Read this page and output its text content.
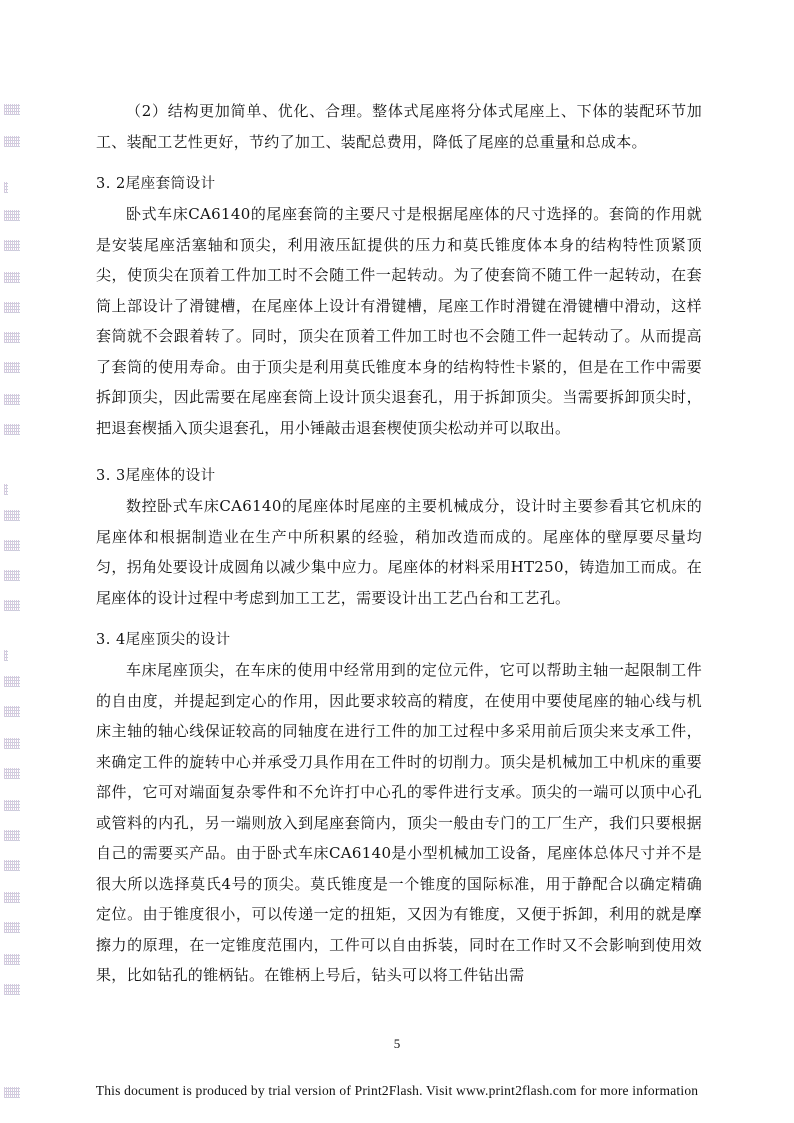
（2）结构更加简单、优化、合理。整体式尾座将分体式尾座上、下体的装配环节加工、装配工艺性更好，节约了加工、装配总费用，降低了尾座的总重量和总成本。

3. 2尾座套筒设计

卧式车床CA6140的尾座套筒的主要尺寸是根据尾座体的尺寸选择的。套筒的作用就是安装尾座活塞轴和顶尖，利用液压缸提供的压力和莫氏锥度体本身的结构特性顶紧顶尖，使顶尖在顶着工件加工时不会随工件一起转动。为了使套筒不随工件一起转动，在套筒上部设计了滑键槽，在尾座体上设计有滑键槽，尾座工作时滑键在滑键槽中滑动，这样套筒就不会跟着转了。同时，顶尖在顶着工件加工时也不会随工件一起转动了。从而提高了套筒的使用寿命。由于顶尖是利用莫氏锥度本身的结构特性卡紧的，但是在工作中需要拆卸顶尖，因此需要在尾座套筒上设计顶尖退套孔，用于拆卸顶尖。当需要拆卸顶尖时，把退套楔插入顶尖退套孔，用小锤敲击退套楔使顶尖松动并可以取出。

3. 3尾座体的设计

数控卧式车床CA6140的尾座体时尾座的主要机械成分，设计时主要参看其它机床的尾座体和根据制造业在生产中所积累的经验，稍加改造而成的。尾座体的壁厚要尽量均匀，拐角处要设计成圆角以减少集中应力。尾座体的材料采用HT250，铸造加工而成。在尾座体的设计过程中考虑到加工工艺，需要设计出工艺凸台和工艺孔。

3. 4尾座顶尖的设计

车床尾座顶尖，在车床的使用中经常用到的定位元件，它可以帮助主轴一起限制工件的自由度，并提起到定心的作用，因此要求较高的精度，在使用中要使尾座的轴心线与机床主轴的轴心线保证较高的同轴度在进行工件的加工过程中多采用前后顶尖来支承工件，来确定工件的旋转中心并承受刀具作用在工件时的切削力。顶尖是机械加工中机床的重要部件，它可对端面复杂零件和不允许打中心孔的零件进行支承。顶尖的一端可以顶中心孔或管料的内孔，另一端则放入到尾座套筒内，顶尖一般由专门的工厂生产，我们只要根据自己的需要买产品。由于卧式车床CA6140是小型机械加工设备，尾座体总体尺寸并不是很大所以选择莫氏4号的顶尖。莫氏锥度是一个锥度的国际标准，用于静配合以确定精确定位。由于锥度很小，可以传递一定的扭矩，又因为有锥度，又便于拆卸，利用的就是摩擦力的原理，在一定锥度范围内，工件可以自由拆装，同时在工作时又不会影响到使用效果，比如钻孔的锥柄钻。在锥柄上号后，钻头可以将工件钻出需

5
This document is produced by trial version of Print2Flash. Visit www.print2flash.com for more information
